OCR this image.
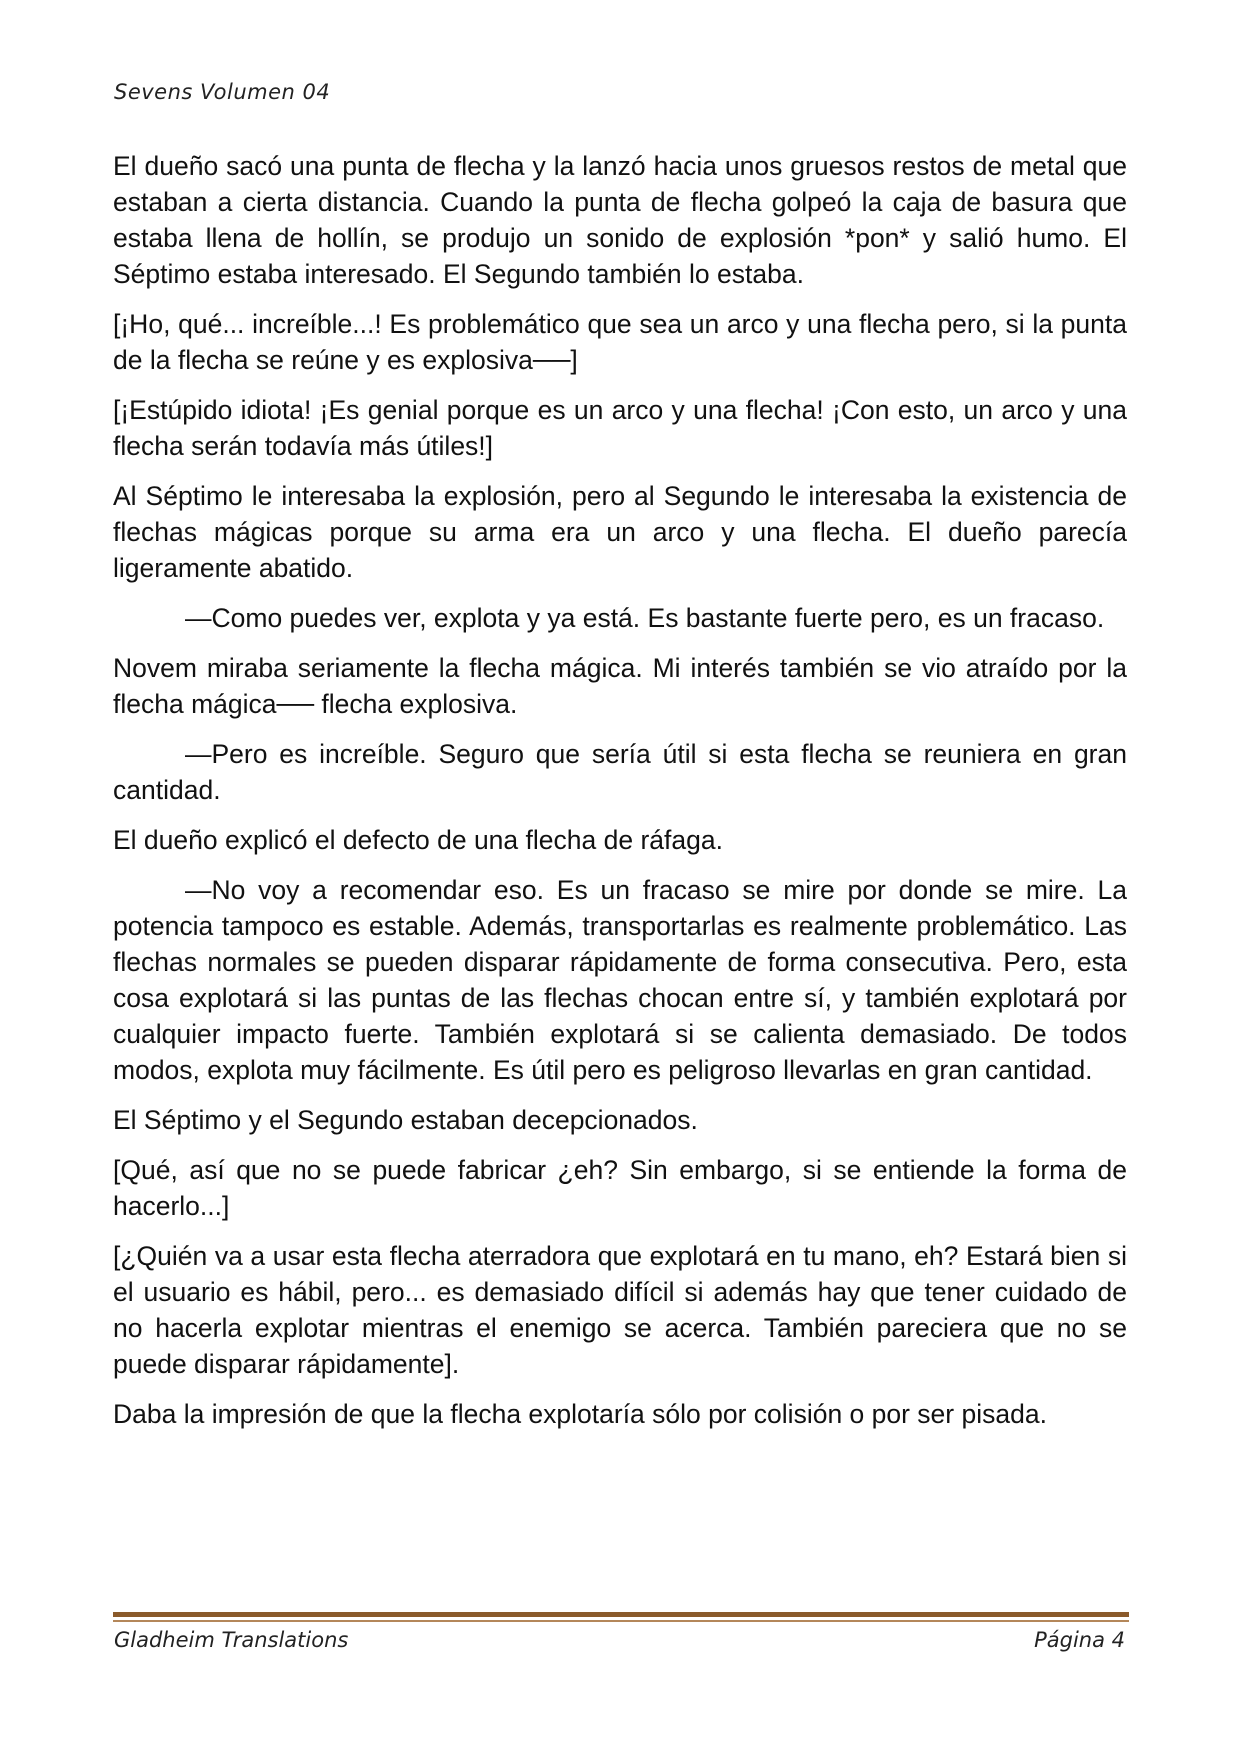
Sevens Volumen 04

El dueño sacó una punta de flecha y la lanzó hacia unos gruesos restos de metal que estaban a cierta distancia. Cuando la punta de flecha golpeó la caja de basura que estaba llena de hollín, se produjo un sonido de explosión *pon* y salió humo. El Séptimo estaba interesado. El Segundo también lo estaba.

[¡Ho, qué... increíble...! Es problemático que sea un arco y una flecha pero, si la punta de la flecha se reúne y es explosiva──]

[¡Estúpido idiota! ¡Es genial porque es un arco y una flecha! ¡Con esto, un arco y una flecha serán todavía más útiles!]

Al Séptimo le interesaba la explosión, pero al Segundo le interesaba la existencia de flechas mágicas porque su arma era un arco y una flecha. El dueño parecía ligeramente abatido.

—Como puedes ver, explota y ya está. Es bastante fuerte pero, es un fracaso.

Novem miraba seriamente la flecha mágica. Mi interés también se vio atraído por la flecha mágica── flecha explosiva.

—Pero es increíble. Seguro que sería útil si esta flecha se reuniera en gran cantidad.

El dueño explicó el defecto de una flecha de ráfaga.

—No voy a recomendar eso. Es un fracaso se mire por donde se mire. La potencia tampoco es estable. Además, transportarlas es realmente problemático. Las flechas normales se pueden disparar rápidamente de forma consecutiva. Pero, esta cosa explotará si las puntas de las flechas chocan entre sí, y también explotará por cualquier impacto fuerte. También explotará si se calienta demasiado. De todos modos, explota muy fácilmente. Es útil pero es peligroso llevarlas en gran cantidad.

El Séptimo y el Segundo estaban decepcionados.

[Qué, así que no se puede fabricar ¿eh? Sin embargo, si se entiende la forma de hacerlo...]

[¿Quién va a usar esta flecha aterradora que explotará en tu mano, eh? Estará bien si el usuario es hábil, pero... es demasiado difícil si además hay que tener cuidado de no hacerla explotar mientras el enemigo se acerca. También pareciera que no se puede disparar rápidamente].

Daba la impresión de que la flecha explotaría sólo por colisión o por ser pisada.

Gladheim Translations	Página 4
